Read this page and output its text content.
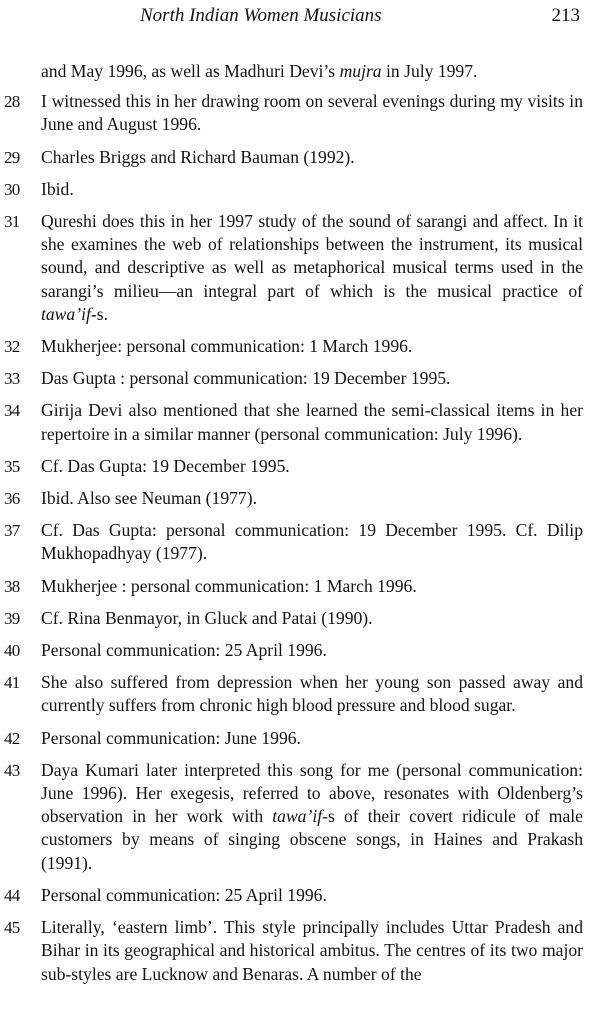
North Indian Women Musicians	213
and May 1996, as well as Madhuri Devi’s mujra in July 1997.
28	I witnessed this in her drawing room on several evenings during my visits in June and August 1996.
29	Charles Briggs and Richard Bauman (1992).
30	Ibid.
31	Qureshi does this in her 1997 study of the sound of sarangi and affect. In it she examines the web of relationships between the instrument, its musical sound, and descriptive as well as metaphorical musical terms used in the sarangi’s milieu—an integral part of which is the musical practice of tawa’if-s.
32	Mukherjee: personal communication: 1 March 1996.
33	Das Gupta : personal communication: 19 December 1995.
34	Girija Devi also mentioned that she learned the semi-classical items in her repertoire in a similar manner (personal communication: July 1996).
35	Cf. Das Gupta: 19 December 1995.
36	Ibid. Also see Neuman (1977).
37	Cf. Das Gupta: personal communication: 19 December 1995. Cf. Dilip Mukhopadhyay (1977).
38	Mukherjee : personal communication: 1 March 1996.
39	Cf. Rina Benmayor, in Gluck and Patai (1990).
40	Personal communication: 25 April 1996.
41	She also suffered from depression when her young son passed away and currently suffers from chronic high blood pressure and blood sugar.
42	Personal communication: June 1996.
43	Daya Kumari later interpreted this song for me (personal communication: June 1996). Her exegesis, referred to above, resonates with Oldenberg’s observation in her work with tawa’if-s of their covert ridicule of male customers by means of singing obscene songs, in Haines and Prakash (1991).
44	Personal communication: 25 April 1996.
45	Literally, ‘eastern limb’. This style principally includes Uttar Pradesh and Bihar in its geographical and historical ambitus. The centres of its two major sub-styles are Lucknow and Benaras. A number of the
